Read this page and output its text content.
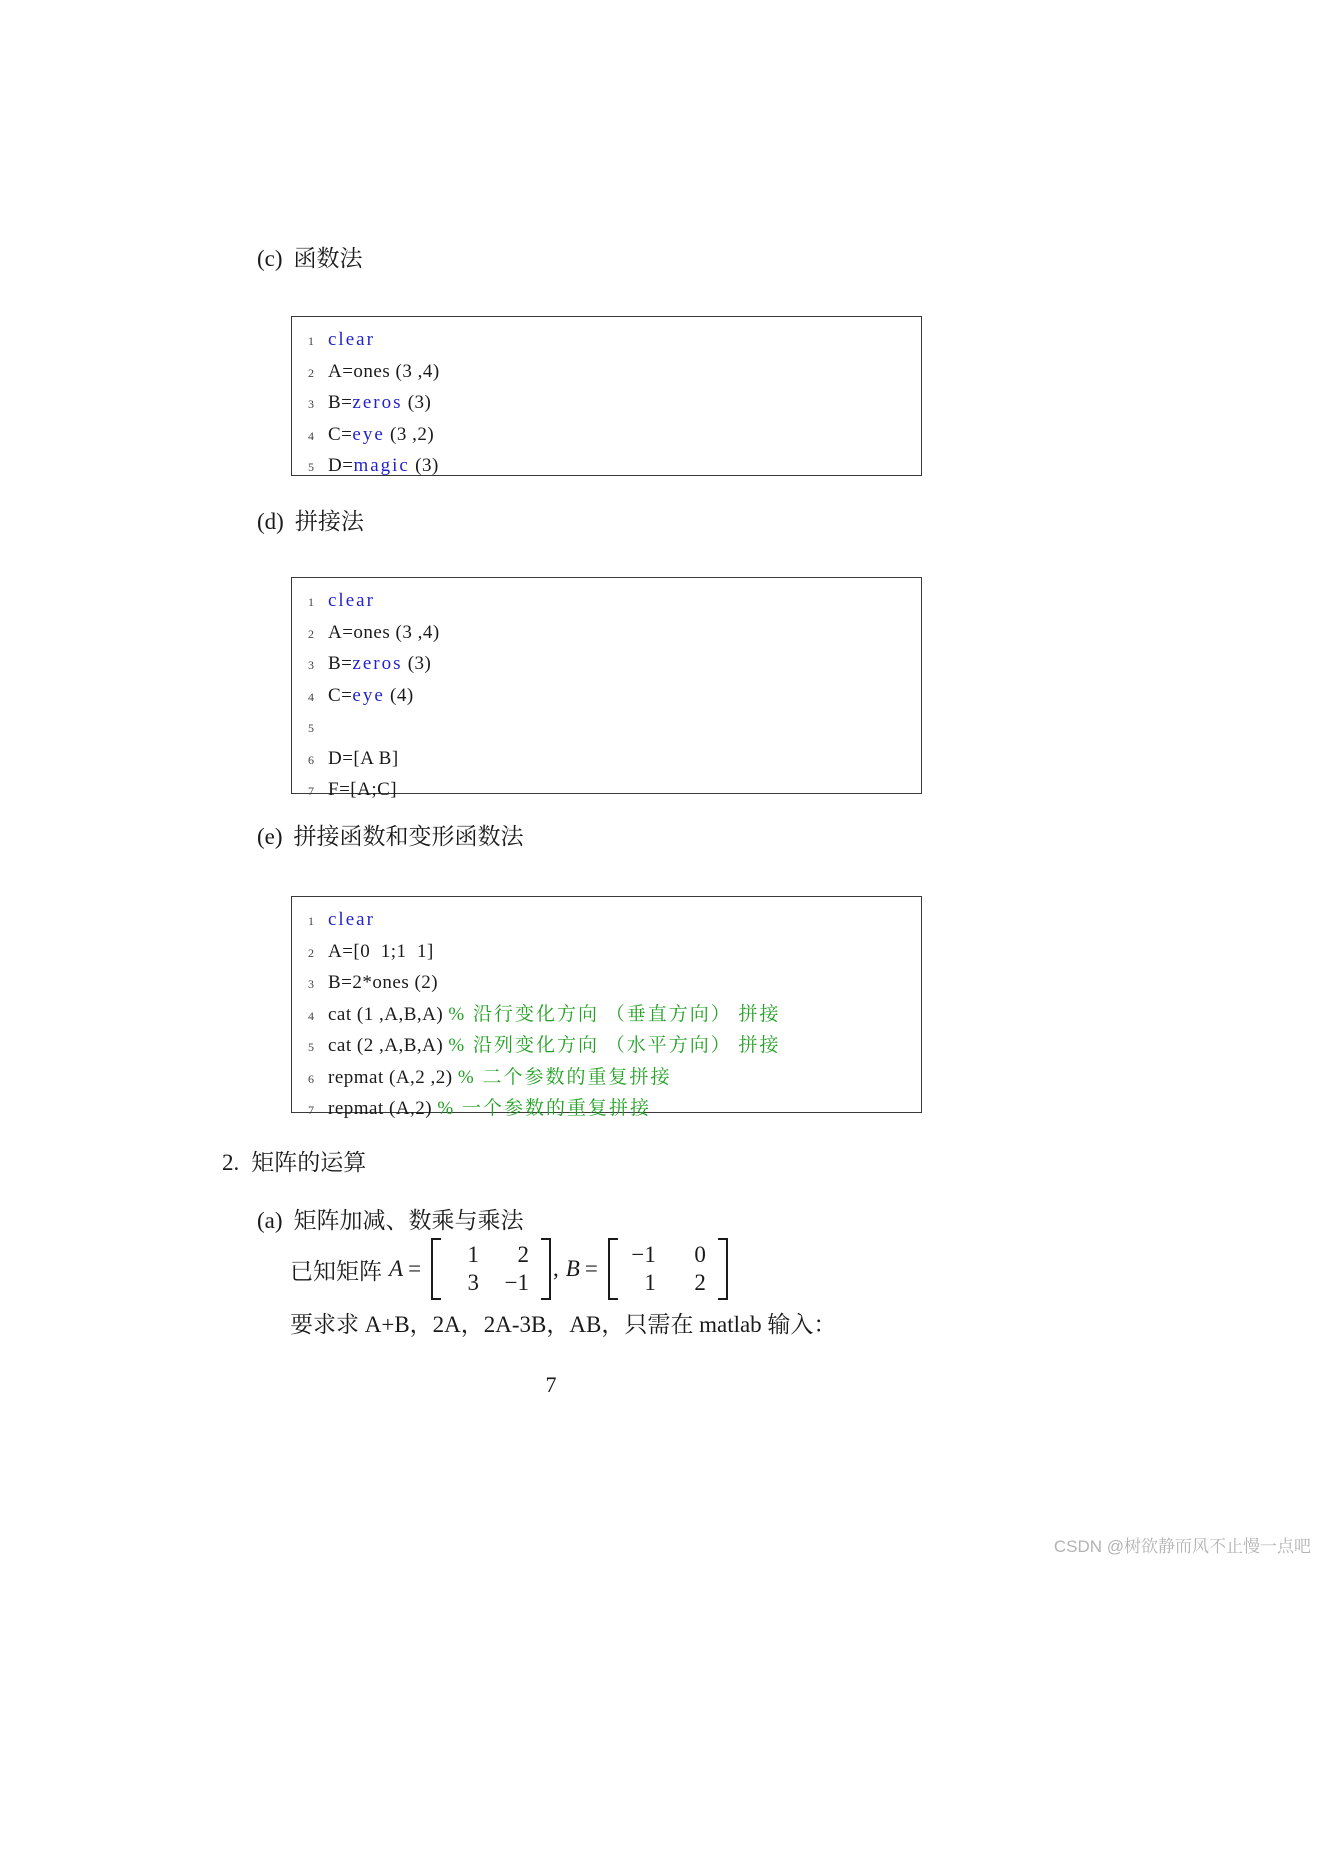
(c) 函数法
1 clear
2 A=ones (3 ,4)
3 B=zeros (3)
4 C=eye (3 ,2)
5 D=magic (3)
(d) 拼接法
1 clear
2 A=ones (3 ,4)
3 B=zeros (3)
4 C=eye (4)
5
6 D=[A B]
7 F=[A;C]
(e) 拼接函数和变形函数法
1 clear
2 A=[0  1;1  1]
3 B=2*ones (2)
4 cat (1 ,A,B,A) % 沿行变化方向 （垂直方向） 拼接
5 cat (2 ,A,B,A) % 沿列变化方向 （水平方向） 拼接
6 repmat (A,2 ,2) % 二个参数的重复拼接
7 repmat (A,2) % 一个参数的重复拼接
2. 矩阵的运算
(a) 矩阵加减、数乘与乘法
已知矩阵 A =
1	2
3 −1
, B =
−1	0
1	2
要求求 A+B，2A，2A-3B，AB，只需在 matlab 输入：
7
CSDN @树欲静而风不止慢一点吧
